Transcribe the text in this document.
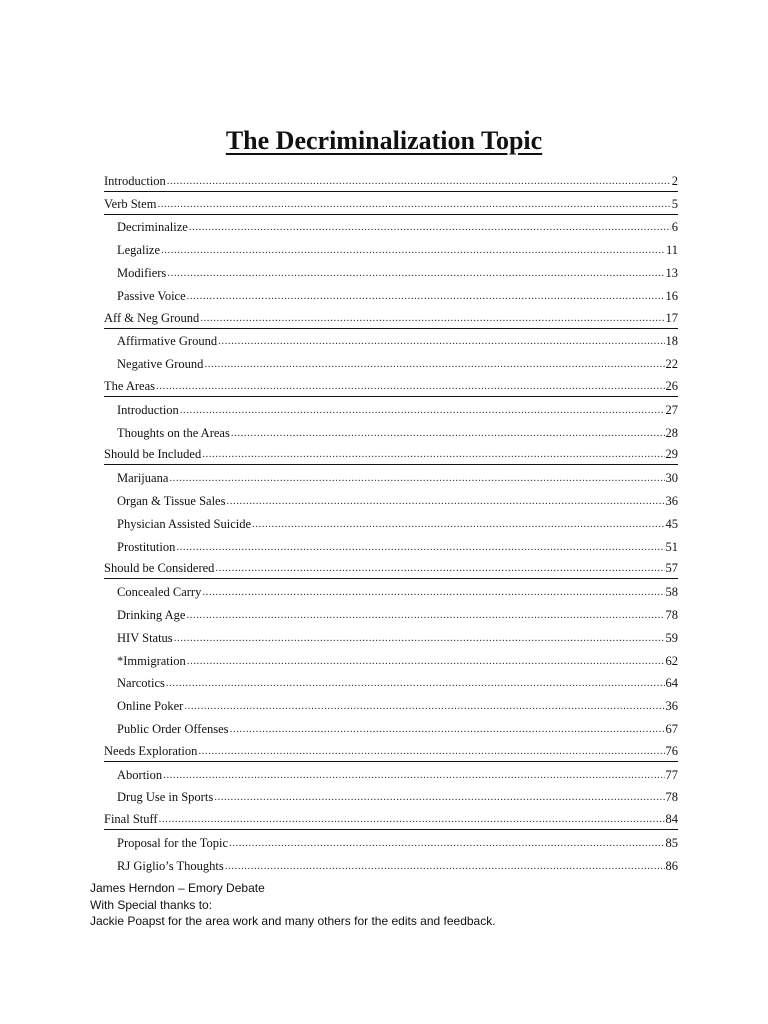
The Decriminalization Topic
Introduction .....	2
Verb Stem .....	5
Decriminalize .....	6
Legalize .....	11
Modifiers .....	13
Passive Voice .....	16
Aff & Neg Ground .....	17
Affirmative Ground .....	18
Negative Ground .....	22
The Areas .....	26
Introduction .....	27
Thoughts on the Areas .....	28
Should be Included .....	29
Marijuana .....	30
Organ & Tissue Sales .....	36
Physician Assisted Suicide .....	45
Prostitution .....	51
Should be Considered .....	57
Concealed Carry .....	58
Drinking Age .....	78
HIV Status .....	59
*Immigration .....	62
Narcotics .....	64
Online Poker .....	36
Public Order Offenses .....	67
Needs Exploration .....	76
Abortion .....	77
Drug Use in Sports .....	78
Final Stuff .....	84
Proposal for the Topic .....	85
RJ Giglio’s Thoughts .....	86
James Herndon – Emory Debate
With Special thanks to:
Jackie Poapst for the area work and many others for the edits and feedback.
